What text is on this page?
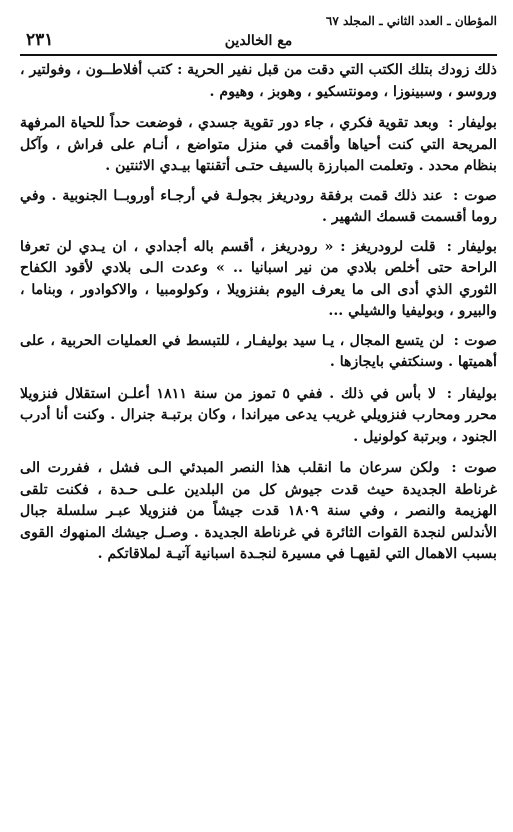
المؤطان ـ العدد الثاني ـ المجلد ٦٧
مع الخالدين
٢٣١

ذلك زودك بتلك الكتب التي دقت من قبل نفير الحرية : كتب أفلاطــون ، وفولتير ، وروسو ، وسبينوزا ، ومونتسكيو ، وهوبز ، وهيوم .

بوليفار : وبعد تقوية فكري ، جاء دور تقوية جسدي ، فوضعت حداً للحياة المرفهة المريحة التي كنت أحياها وأقمت في منزل متواضع ، أنـام على فراش ، وآكل بنظام محدد . وتعلمت المبارزة بالسيف حتـى أتقنتها بيـدي الاثنتين .

صوت : عند ذلك قمت برفقة رودريغز بجولـة في أرجـاء أوروبــا الجنوبية . وفي روما أقسمت قسمك الشهير .

بوليفار : قلت لرودريغز : « رودريغز ، أقسم باله أجدادي ، ان يـدي لن تعرفا الراحة حتى أخلص بلادي من نير اسبانيا .. » وعدت الـى بلادي لأقود الكفاح الثوري الذي أدى الى ما يعرف اليوم بفنزويلا ، وكولومبيا ، والاكوادور ، وبناما ، والبيرو ، وبوليفيا والشيلي ...

صوت : لن يتسع المجال ، يـا سيد بوليفـار ، للتبسط في العمليات الحربية ، على أهميتها . وسنكتفي بايجازها .

بوليفار : لا بأس في ذلك . ففي ٥ تموز من سنة ١٨١١ أعلـن استقلال فنزويلا محرر ومحارب فنزويلي غريب يدعى ميراندا ، وكان برتبـة جنرال . وكنت أنا أدرب الجنود ، وبرتبة كولونيل .

صوت : ولكن سرعان ما انقلب هذا النصر المبدئي الـى فشل ، ففررت الى غرناطة الجديدة حيث قدت جيوش كل من البلدين علـى حـدة ، فكنت تلقى الهزيمة والنصر ، وفي سنة ١٨٠٩ قدت جيشاً من فنزويلا عبـر سلسلة جبال الأندلس لنجدة القوات الثائرة في غرناطة الجديدة . وصـل جيشك المنهوك القوى بسبب الاهمال التي لقيهـا في مسيرة لنجـدة اسبانية آتيـة لملاقاتكم .
